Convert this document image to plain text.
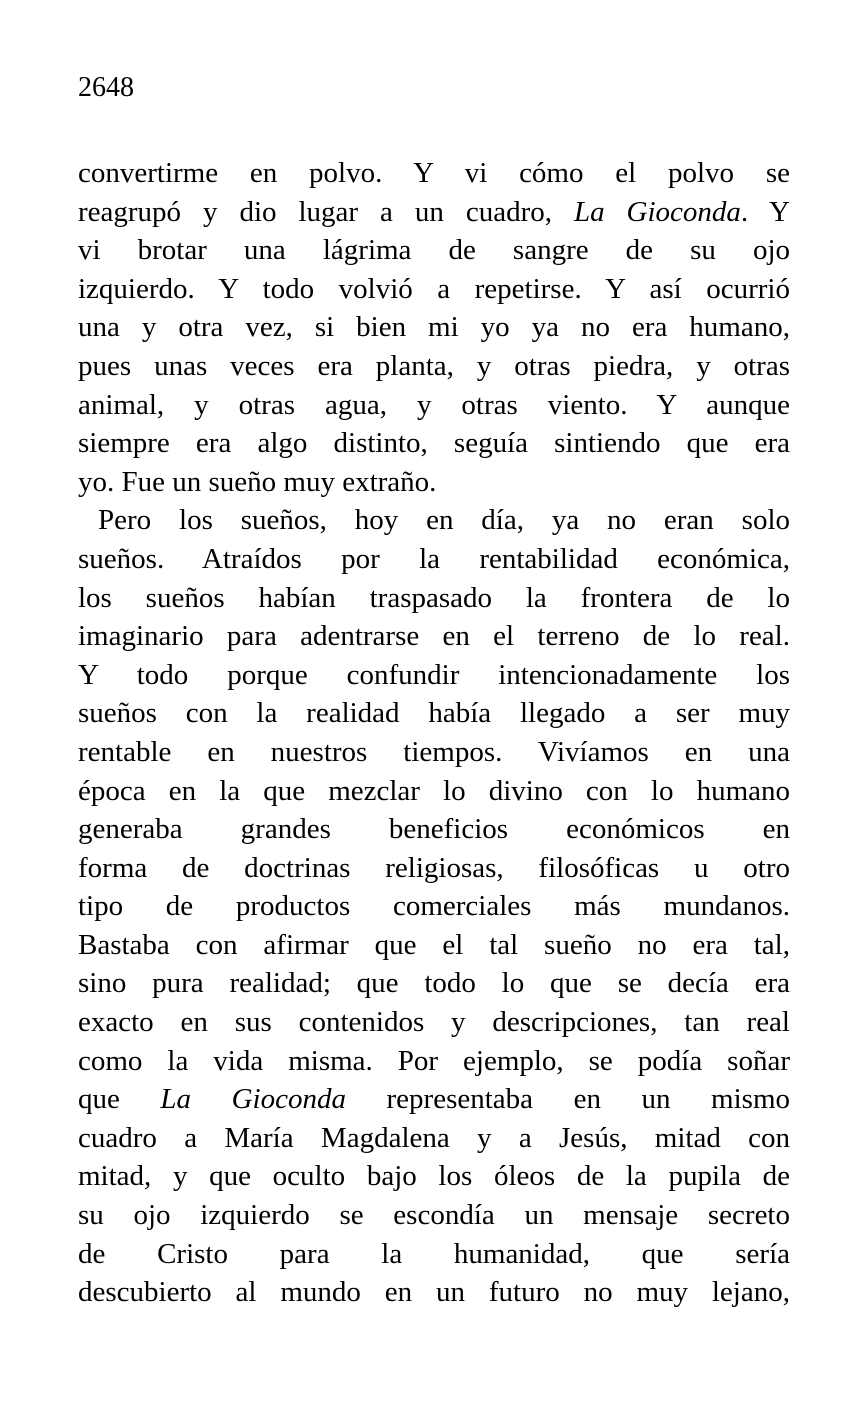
2648
convertirme en polvo. Y vi cómo el polvo se
reagrupó y dio lugar a un cuadro, La Gioconda. Y
vi brotar una lágrima de sangre de su ojo
izquierdo. Y todo volvió a repetirse. Y así ocurrió
una y otra vez, si bien mi yo ya no era humano,
pues unas veces era planta, y otras piedra, y otras
animal, y otras agua, y otras viento. Y aunque
siempre era algo distinto, seguía sintiendo que era
yo. Fue un sueño muy extraño.
Pero los sueños, hoy en día, ya no eran solo
sueños. Atraídos por la rentabilidad económica,
los sueños habían traspasado la frontera de lo
imaginario para adentrarse en el terreno de lo real.
Y todo porque confundir intencionadamente los
sueños con la realidad había llegado a ser muy
rentable en nuestros tiempos. Vivíamos en una
época en la que mezclar lo divino con lo humano
generaba grandes beneficios económicos en
forma de doctrinas religiosas, filosóficas u otro
tipo de productos comerciales más mundanos.
Bastaba con afirmar que el tal sueño no era tal,
sino pura realidad; que todo lo que se decía era
exacto en sus contenidos y descripciones, tan real
como la vida misma. Por ejemplo, se podía soñar
que La Gioconda representaba en un mismo
cuadro a María Magdalena y a Jesús, mitad con
mitad, y que oculto bajo los óleos de la pupila de
su ojo izquierdo se escondía un mensaje secreto
de Cristo para la humanidad, que sería
descubierto al mundo en un futuro no muy lejano,
